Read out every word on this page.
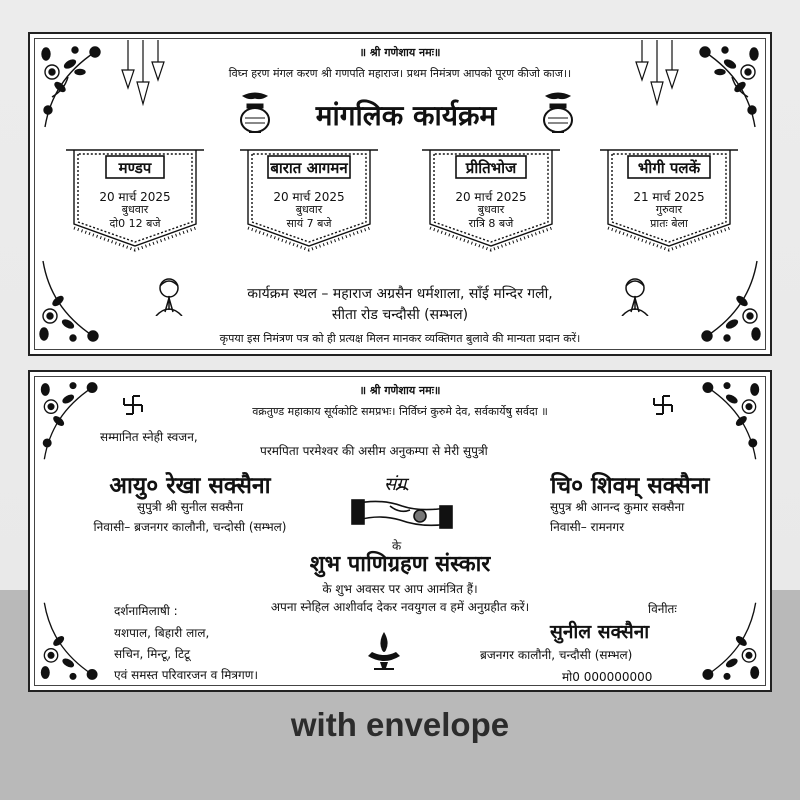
॥ श्री गणेशाय नमः॥
विघ्न हरण मंगल करण श्री गणपति महाराज। प्रथम निमंत्रण आपको पूरण कीजो काज।।
मांगलिक कार्यक्रम
मण्डप
20 मार्च 2025
बुधवार
दो0 12 बजे
बारात आगमन
20 मार्च 2025
बुधवार
सायं 7 बजे
प्रीतिभोज
20 मार्च 2025
बुधवार
रात्रि 8 बजे
भीगी पलकें
21 मार्च 2025
गुरुवार
प्रातः बेला
कार्यक्रम स्थल – महाराज अग्रसैन धर्मशाला, साँई मन्दिर गली,
सीता रोड चन्दौसी (सम्भल)
कृपया इस निमंत्रण पत्र को ही प्रत्यक्ष मिलन मानकर व्यक्तिगत बुलावे की मान्यता प्रदान करें।
॥ श्री गणेशाय नमः॥
वक्रतुण्ड महाकाय सूर्यकोटि समप्रभः। निर्विघ्नं कुरुमे देव, सर्वकार्येषु सर्वदा ॥
सम्मानित स्नेही स्वजन,
परमपिता परमेश्वर की असीम अनुकम्पा से मेरी सुपुत्री
आयु० रेखा सक्सैना
सुपुत्री श्री सुनील सक्सैना
निवासी– ब्रजनगर कालौनी, चन्दोसी (सम्भल)
संग
के
चि० शिवम् सक्सैना
सुपुत्र श्री आनन्द कुमार सक्सैना
निवासी– रामनगर
शुभ पाणिग्रहण संस्कार
के शुभ अवसर पर आप आमंत्रित हैं।
अपना स्नेहिल आशीर्वाद देकर नवयुगल व हमें अनुग्रहीत करें।
दर्शनामिलाषी :
यशपाल, बिहारी लाल,
सचिन, मिन्टू, टिटू
एवं समस्त परिवारजन व मित्रगण।
विनीतः
सुनील सक्सैना
ब्रजनगर कालौनी, चन्दौसी (सम्भल)
मो0 000000000
with envelope
